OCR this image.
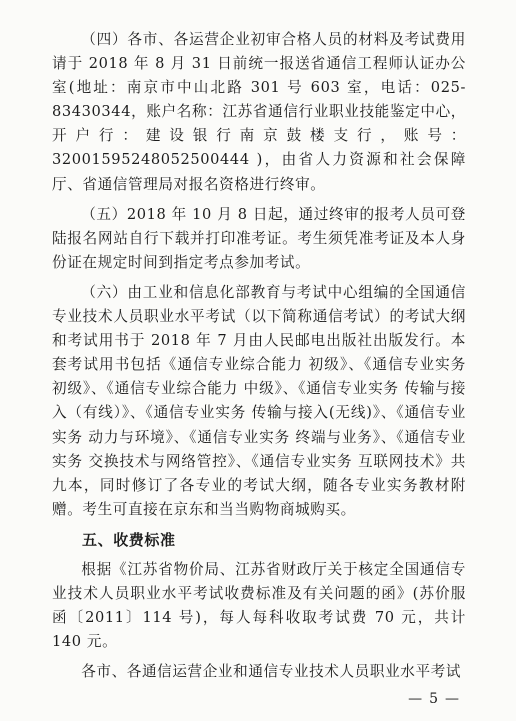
（四）各市、各运营企业初审合格人员的材料及考试费用请于 2018 年 8 月 31 日前统一报送省通信工程师认证办公室(地址：南京市中山北路 301 号 603 室，电话：025-83430344，账户名称：江苏省通信行业职业技能鉴定中心，开户行：建设银行南京鼓楼支行，账号：32001595248052500444 )，由省人力资源和社会保障厅、省通信管理局对报名资格进行终审。

（五）2018 年 10 月 8 日起，通过终审的报考人员可登陆报名网站自行下载并打印准考证。考生须凭准考证及本人身份证在规定时间到指定考点参加考试。

（六）由工业和信息化部教育与考试中心组编的全国通信专业技术人员职业水平考试（以下简称通信考试）的考试大纲和考试用书于 2018 年 7 月由人民邮电出版社出版发行。本套考试用书包括《通信专业综合能力 初级》、《通信专业实务 初级》、《通信专业综合能力 中级》、《通信专业实务 传输与接入（有线）》、《通信专业实务 传输与接入(无线)》、《通信专业实务 动力与环境》、《通信专业实务 终端与业务》、《通信专业实务 交换技术与网络管控》、《通信专业实务 互联网技术》共九本，同时修订了各专业的考试大纲，随各专业实务教材附赠。考生可直接在京东和当当购物商城购买。

五、收费标准

根据《江苏省物价局、江苏省财政厅关于核定全国通信专业技术人员职业水平考试收费标准及有关问题的函》(苏价服函〔2011〕114 号)，每人每科收取考试费 70 元，共计 140 元。

各市、各通信运营企业和通信专业技术人员职业水平考试

— 5 —
